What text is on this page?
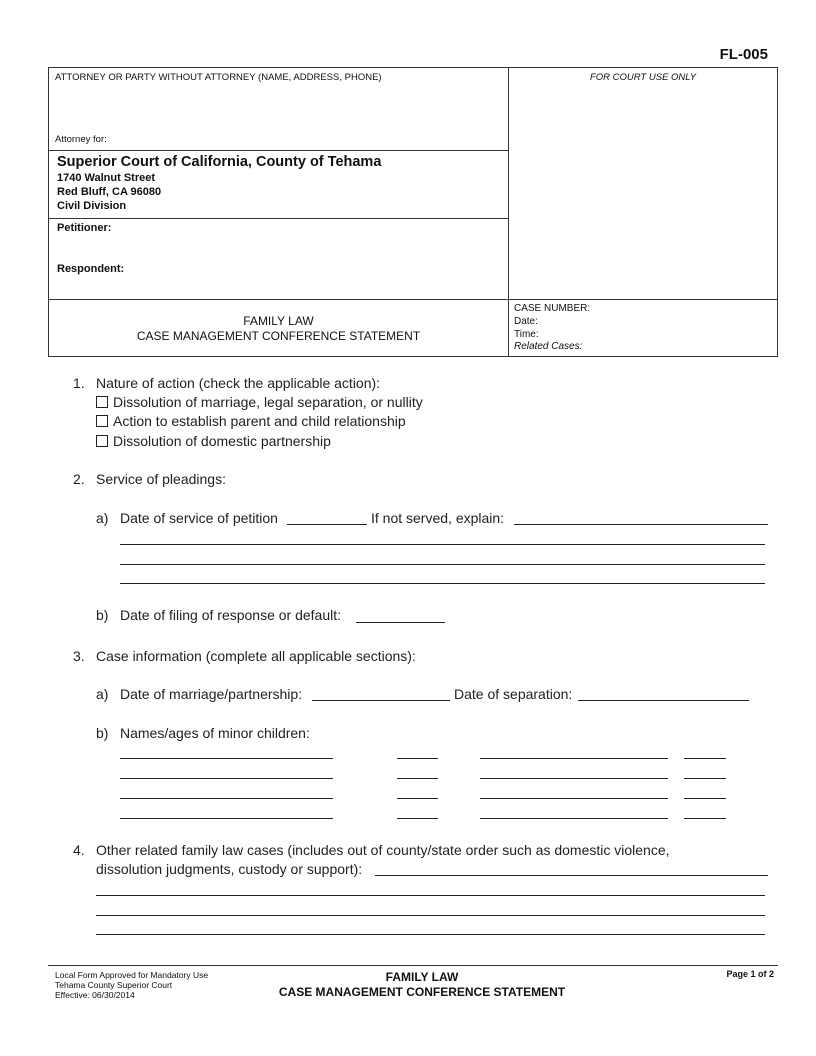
FL-005
ATTORNEY OR PARTY WITHOUT ATTORNEY (NAME, ADDRESS, PHONE)	FOR COURT USE ONLY
Attorney for:
Superior Court of California, County of Tehama
1740 Walnut Street
Red Bluff, CA 96080
Civil Division
Petitioner:
Respondent:
FAMILY LAW
CASE MANAGEMENT CONFERENCE STATEMENT
CASE NUMBER:
Date:
Time:
Related Cases:
1. Nature of action (check the applicable action):
Dissolution of marriage, legal separation, or nullity
Action to establish parent and child relationship
Dissolution of domestic partnership
2. Service of pleadings:
a) Date of service of petition	If not served, explain:
b) Date of filing of response or default:
3. Case information (complete all applicable sections):
a) Date of marriage/partnership:	Date of separation:
b) Names/ages of minor children:
4. Other related family law cases (includes out of county/state order such as domestic violence,
dissolution judgments, custody or support):
Local Form Approved for Mandatory Use
Tehama County Superior Court
Effective: 06/30/2014
FAMILY LAW
CASE MANAGEMENT CONFERENCE STATEMENT
Page 1 of 2
